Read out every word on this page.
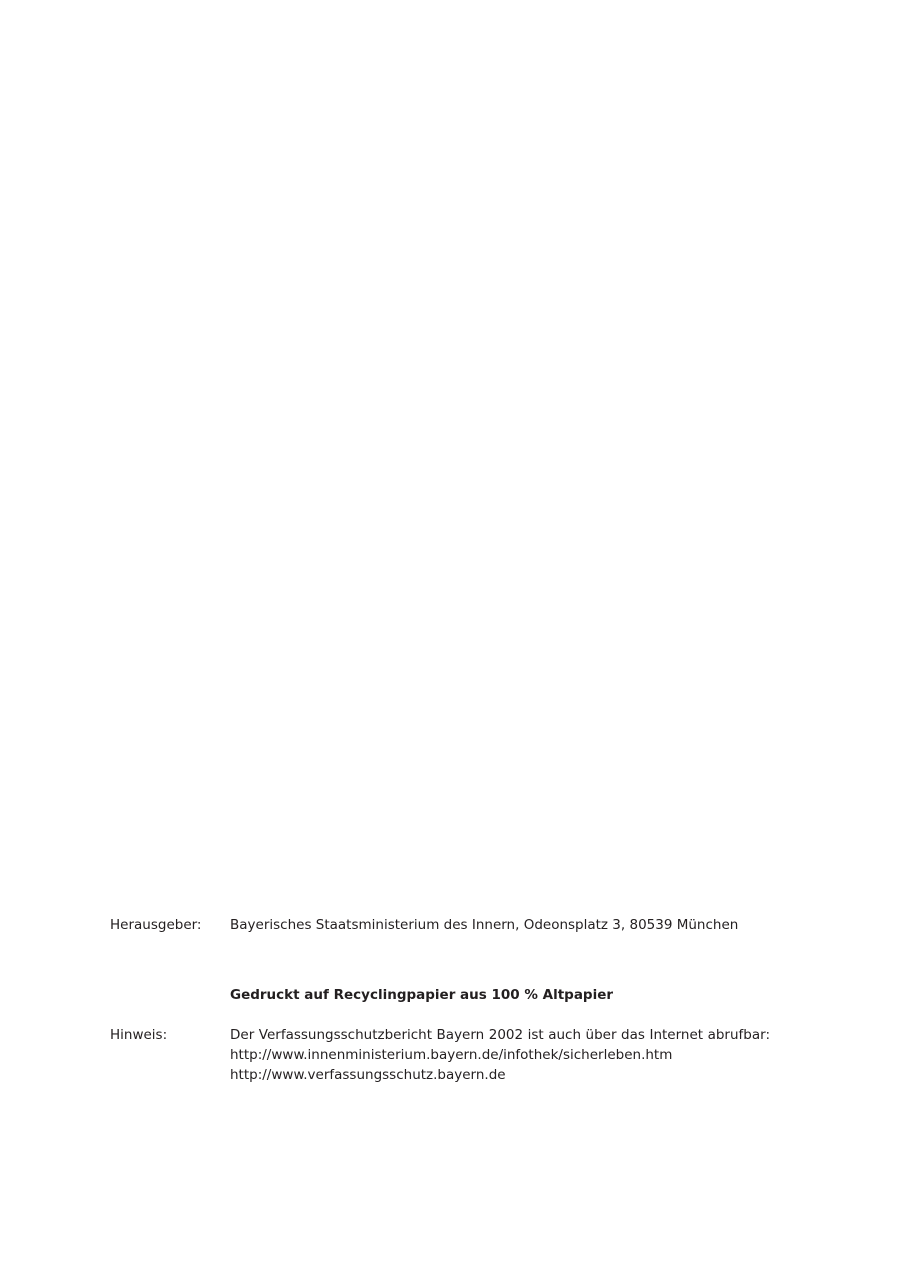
Herausgeber:	Bayerisches Staatsministerium des Innern, Odeonsplatz 3, 80539 München
Gedruckt auf Recyclingpapier aus 100 % Altpapier
Hinweis:	Der Verfassungsschutzbericht Bayern 2002 ist auch über das Internet abrufbar:
http://www.innenministerium.bayern.de/infothek/sicherleben.htm
http://www.verfassungsschutz.bayern.de
